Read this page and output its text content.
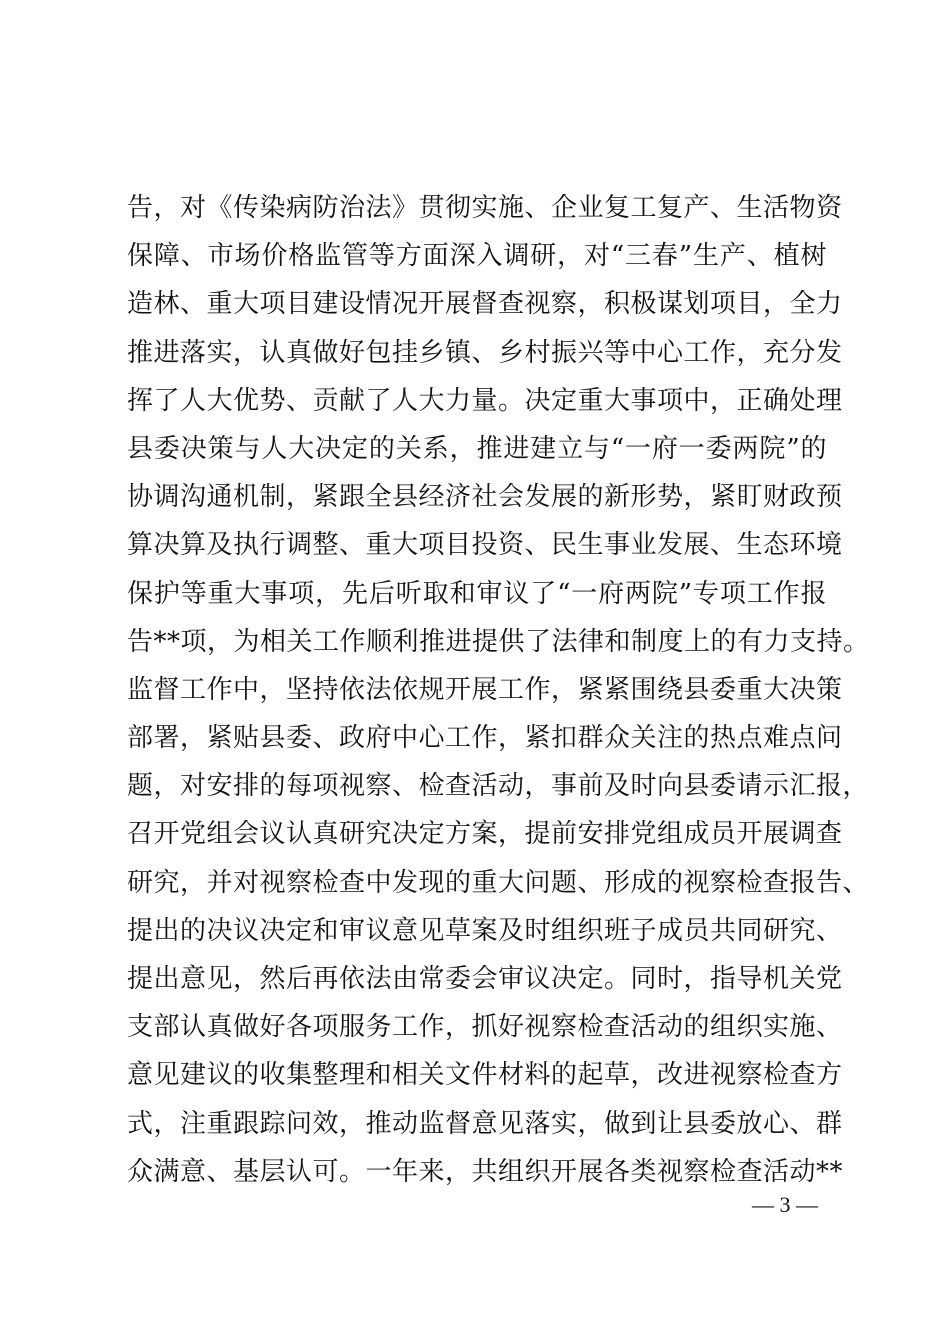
告，对《传染病防治法》贯彻实施、企业复工复产、生活物资
保障、市场价格监管等方面深入调研，对“三春”生产、植树
造林、重大项目建设情况开展督查视察，积极谋划项目，全力
推进落实，认真做好包挂乡镇、乡村振兴等中心工作，充分发
挥了人大优势、贡献了人大力量。决定重大事项中，正确处理
县委决策与人大决定的关系，推进建立与“一府一委两院”的
协调沟通机制，紧跟全县经济社会发展的新形势，紧盯财政预
算决算及执行调整、重大项目投资、民生事业发展、生态环境
保护等重大事项，先后听取和审议了“一府两院”专项工作报
告**项，为相关工作顺利推进提供了法律和制度上的有力支持。
监督工作中，坚持依法依规开展工作，紧紧围绕县委重大决策
部署，紧贴县委、政府中心工作，紧扣群众关注的热点难点问
题，对安排的每项视察、检查活动，事前及时向县委请示汇报，
召开党组会议认真研究决定方案，提前安排党组成员开展调查
研究，并对视察检查中发现的重大问题、形成的视察检查报告、
提出的决议决定和审议意见草案及时组织班子成员共同研究、
提出意见，然后再依法由常委会审议决定。同时，指导机关党
支部认真做好各项服务工作，抓好视察检查活动的组织实施、
意见建议的收集整理和相关文件材料的起草，改进视察检查方
式，注重跟踪问效，推动监督意见落实，做到让县委放心、群
众满意、基层认可。一年来，共组织开展各类视察检查活动**
— 3 —
